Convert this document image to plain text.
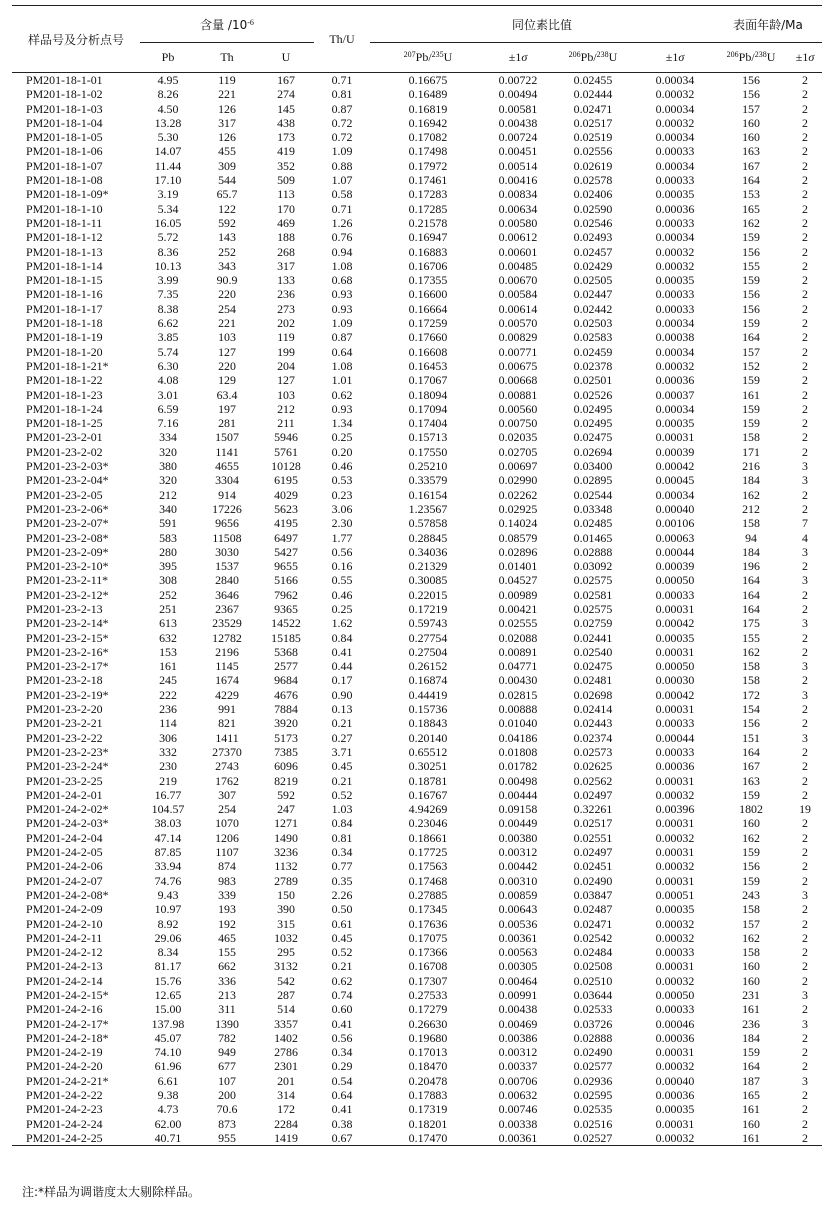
样品号及分析点号	含量 $/10^{-6}$			Th/U	同位素比值				表面年龄/Ma	
	Pb	Th	U		$^{207}$Pb/$^{235}$U	±1σ	$^{206}$Pb/$^{238}$U	±1σ	$^{206}$Pb/$^{238}$U	±1σ
PM201-18-1-01	4.95	119	167	0.71	0.16675	0.00722	0.02455	0.00034	156	2
PM201-18-1-02	8.26	221	274	0.81	0.16489	0.00494	0.02444	0.00032	156	2
PM201-18-1-03	4.50	126	145	0.87	0.16819	0.00581	0.02471	0.00034	157	2
PM201-18-1-04	13.28	317	438	0.72	0.16942	0.00438	0.02517	0.00032	160	2
PM201-18-1-05	5.30	126	173	0.72	0.17082	0.00724	0.02519	0.00034	160	2
PM201-18-1-06	14.07	455	419	1.09	0.17498	0.00451	0.02556	0.00033	163	2
PM201-18-1-07	11.44	309	352	0.88	0.17972	0.00514	0.02619	0.00034	167	2
PM201-18-1-08	17.10	544	509	1.07	0.17461	0.00416	0.02578	0.00033	164	2
PM201-18-1-09*	3.19	65.7	113	0.58	0.17283	0.00834	0.02406	0.00035	153	2
PM201-18-1-10	5.34	122	170	0.71	0.17285	0.00634	0.02590	0.00036	165	2
PM201-18-1-11	16.05	592	469	1.26	0.21578	0.00580	0.02546	0.00033	162	2
PM201-18-1-12	5.72	143	188	0.76	0.16947	0.00612	0.02493	0.00034	159	2
PM201-18-1-13	8.36	252	268	0.94	0.16883	0.00601	0.02457	0.00032	156	2
PM201-18-1-14	10.13	343	317	1.08	0.16706	0.00485	0.02429	0.00032	155	2
PM201-18-1-15	3.99	90.9	133	0.68	0.17355	0.00670	0.02505	0.00035	159	2
PM201-18-1-16	7.35	220	236	0.93	0.16600	0.00584	0.02447	0.00033	156	2
PM201-18-1-17	8.38	254	273	0.93	0.16664	0.00614	0.02442	0.00033	156	2
PM201-18-1-18	6.62	221	202	1.09	0.17259	0.00570	0.02503	0.00034	159	2
PM201-18-1-19	3.85	103	119	0.87	0.17660	0.00829	0.02583	0.00038	164	2
PM201-18-1-20	5.74	127	199	0.64	0.16608	0.00771	0.02459	0.00034	157	2
PM201-18-1-21*	6.30	220	204	1.08	0.16453	0.00675	0.02378	0.00032	152	2
PM201-18-1-22	4.08	129	127	1.01	0.17067	0.00668	0.02501	0.00036	159	2
PM201-18-1-23	3.01	63.4	103	0.62	0.18094	0.00881	0.02526	0.00037	161	2
PM201-18-1-24	6.59	197	212	0.93	0.17094	0.00560	0.02495	0.00034	159	2
PM201-18-1-25	7.16	281	211	1.34	0.17404	0.00750	0.02495	0.00035	159	2
PM201-23-2-01	334	1507	5946	0.25	0.15713	0.02035	0.02475	0.00031	158	2
PM201-23-2-02	320	1141	5761	0.20	0.17550	0.02705	0.02694	0.00039	171	2
PM201-23-2-03*	380	4655	10128	0.46	0.25210	0.00697	0.03400	0.00042	216	3
PM201-23-2-04*	320	3304	6195	0.53	0.33579	0.02990	0.02895	0.00045	184	3
PM201-23-2-05	212	914	4029	0.23	0.16154	0.02262	0.02544	0.00034	162	2
PM201-23-2-06*	340	17226	5623	3.06	1.23567	0.02925	0.03348	0.00040	212	2
PM201-23-2-07*	591	9656	4195	2.30	0.57858	0.14024	0.02485	0.00106	158	7
PM201-23-2-08*	583	11508	6497	1.77	0.28845	0.08579	0.01465	0.00063	94	4
PM201-23-2-09*	280	3030	5427	0.56	0.34036	0.02896	0.02888	0.00044	184	3
PM201-23-2-10*	395	1537	9655	0.16	0.21329	0.01401	0.03092	0.00039	196	2
PM201-23-2-11*	308	2840	5166	0.55	0.30085	0.04527	0.02575	0.00050	164	3
PM201-23-2-12*	252	3646	7962	0.46	0.22015	0.00989	0.02581	0.00033	164	2
PM201-23-2-13	251	2367	9365	0.25	0.17219	0.00421	0.02575	0.00031	164	2
PM201-23-2-14*	613	23529	14522	1.62	0.59743	0.02555	0.02759	0.00042	175	3
PM201-23-2-15*	632	12782	15185	0.84	0.27754	0.02088	0.02441	0.00035	155	2
PM201-23-2-16*	153	2196	5368	0.41	0.27504	0.00891	0.02540	0.00031	162	2
PM201-23-2-17*	161	1145	2577	0.44	0.26152	0.04771	0.02475	0.00050	158	3
PM201-23-2-18	245	1674	9684	0.17	0.16874	0.00430	0.02481	0.00030	158	2
PM201-23-2-19*	222	4229	4676	0.90	0.44419	0.02815	0.02698	0.00042	172	3
PM201-23-2-20	236	991	7884	0.13	0.15736	0.00888	0.02414	0.00031	154	2
PM201-23-2-21	114	821	3920	0.21	0.18843	0.01040	0.02443	0.00033	156	2
PM201-23-2-22	306	1411	5173	0.27	0.20140	0.04186	0.02374	0.00044	151	3
PM201-23-2-23*	332	27370	7385	3.71	0.65512	0.01808	0.02573	0.00033	164	2
PM201-23-2-24*	230	2743	6096	0.45	0.30251	0.01782	0.02625	0.00036	167	2
PM201-23-2-25	219	1762	8219	0.21	0.18781	0.00498	0.02562	0.00031	163	2
PM201-24-2-01	16.77	307	592	0.52	0.16767	0.00444	0.02497	0.00032	159	2
PM201-24-2-02*	104.57	254	247	1.03	4.94269	0.09158	0.32261	0.00396	1802	19
PM201-24-2-03*	38.03	1070	1271	0.84	0.23046	0.00449	0.02517	0.00031	160	2
PM201-24-2-04	47.14	1206	1490	0.81	0.18661	0.00380	0.02551	0.00032	162	2
PM201-24-2-05	87.85	1107	3236	0.34	0.17725	0.00312	0.02497	0.00031	159	2
PM201-24-2-06	33.94	874	1132	0.77	0.17563	0.00442	0.02451	0.00032	156	2
PM201-24-2-07	74.76	983	2789	0.35	0.17468	0.00310	0.02490	0.00031	159	2
PM201-24-2-08*	9.43	339	150	2.26	0.27885	0.00859	0.03847	0.00051	243	3
PM201-24-2-09	10.97	193	390	0.50	0.17345	0.00643	0.02487	0.00035	158	2
PM201-24-2-10	8.92	192	315	0.61	0.17636	0.00536	0.02471	0.00032	157	2
PM201-24-2-11	29.06	465	1032	0.45	0.17075	0.00361	0.02542	0.00032	162	2
PM201-24-2-12	8.34	155	295	0.52	0.17366	0.00563	0.02484	0.00033	158	2
PM201-24-2-13	81.17	662	3132	0.21	0.16708	0.00305	0.02508	0.00031	160	2
PM201-24-2-14	15.76	336	542	0.62	0.17307	0.00464	0.02510	0.00032	160	2
PM201-24-2-15*	12.65	213	287	0.74	0.27533	0.00991	0.03644	0.00050	231	3
PM201-24-2-16	15.00	311	514	0.60	0.17279	0.00438	0.02533	0.00033	161	2
PM201-24-2-17*	137.98	1390	3357	0.41	0.26630	0.00469	0.03726	0.00046	236	3
PM201-24-2-18*	45.07	782	1402	0.56	0.19680	0.00386	0.02888	0.00036	184	2
PM201-24-2-19	74.10	949	2786	0.34	0.17013	0.00312	0.02490	0.00031	159	2
PM201-24-2-20	61.96	677	2301	0.29	0.18470	0.00337	0.02577	0.00032	164	2
PM201-24-2-21*	6.61	107	201	0.54	0.20478	0.00706	0.02936	0.00040	187	3
PM201-24-2-22	9.38	200	314	0.64	0.17883	0.00632	0.02595	0.00036	165	2
PM201-24-2-23	4.73	70.6	172	0.41	0.17319	0.00746	0.02535	0.00035	161	2
PM201-24-2-24	62.00	873	2284	0.38	0.18201	0.00338	0.02516	0.00031	160	2
PM201-24-2-25	40.71	955	1419	0.67	0.17470	0.00361	0.02527	0.00032	161	2
注:*样品为调谐度太大剔除样品。
